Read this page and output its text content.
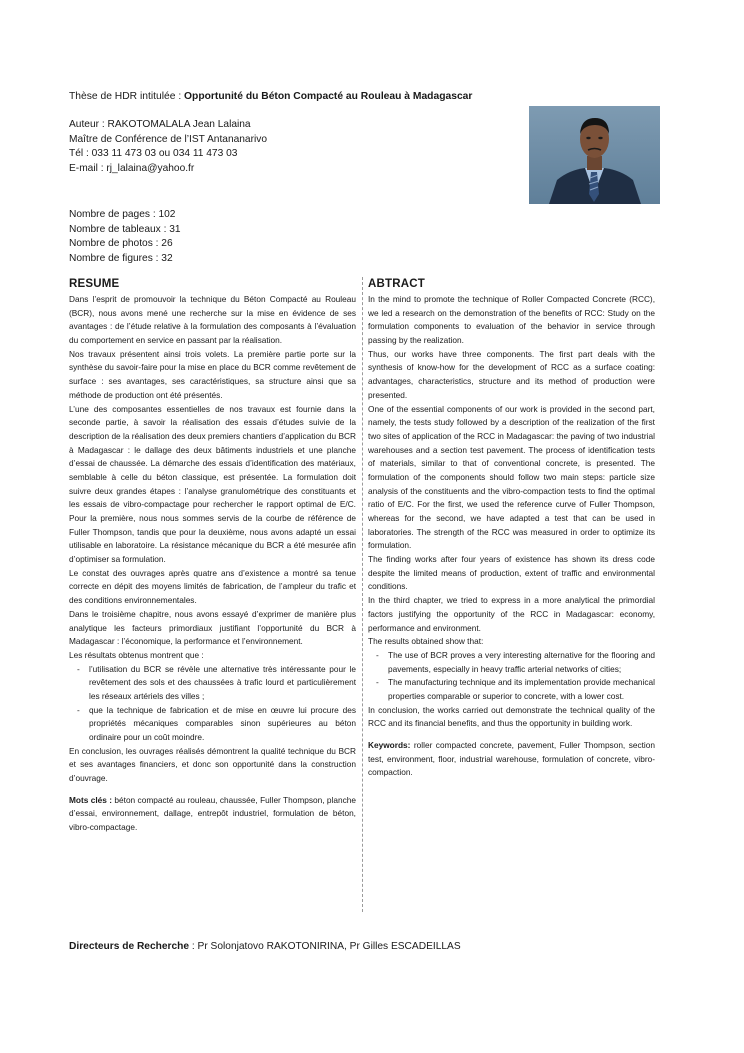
Thèse de HDR intitulée : Opportunité du Béton Compacté au Rouleau à Madagascar
Auteur : RAKOTOMALALA Jean Lalaina
Maître de Conférence de l’IST Antananarivo
Tél : 033 11 473 03 ou 034 11 473 03
E-mail : rj_lalaina@yahoo.fr
Nombre de pages : 102
Nombre de tableaux : 31
Nombre de photos : 26
Nombre de figures : 32
RESUME

Dans l’esprit de promouvoir la technique du Béton Compacté au Rouleau (BCR), nous avons mené une recherche sur la mise en évidence de ses avantages : de l’étude relative à la formulation des composants à l’évaluation du comportement en service en passant par la réalisation.

Nos travaux présentent ainsi trois volets. La première partie porte sur la synthèse du savoir-faire pour la mise en place du BCR comme revêtement de surface : ses avantages, ses caractéristiques, sa structure ainsi que sa méthode de production ont été présentés.

L’une des composantes essentielles de nos travaux est fournie dans la seconde partie, à savoir la réalisation des essais d’études suivie de la description de la réalisation des deux premiers chantiers d’application du BCR à Madagascar : le dallage des deux bâtiments industriels et une planche d’essai de chaussée. La démarche des essais d’identification des matériaux, semblable à celle du béton classique, est présentée. La formulation doit suivre deux grandes étapes : l’analyse granulométrique des constituants et les essais de vibro-compactage pour rechercher le rapport optimal de E/C. Pour la première, nous nous sommes servis de la courbe de référence de Fuller Thompson, tandis que pour la deuxième, nous avons adapté un essai utilisable en laboratoire. La résistance mécanique du BCR a été mesurée afin d’optimiser sa formulation.

Le constat des ouvrages après quatre ans d’existence a montré sa tenue correcte en dépit des moyens limités de fabrication, de l’ampleur du trafic et des conditions environnementales.

Dans le troisième chapitre, nous avons essayé d’exprimer de manière plus analytique les facteurs primordiaux justifiant l’opportunité du BCR à Madagascar : l’économique, la performance et l’environnement.

Les résultats obtenus montrent que :

- l’utilisation du BCR se révèle une alternative très intéressante pour le revêtement des sols et des chaussées à trafic lourd et particulièrement les réseaux artériels des villes ;
- que la technique de fabrication et de mise en œuvre lui procure des propriétés mécaniques comparables sinon supérieures au béton ordinaire pour un coût moindre.

En conclusion, les ouvrages réalisés démontrent la qualité technique du BCR et ses avantages financiers, et donc son opportunité dans la construction d’ouvrage.

Mots clés : béton compacté au rouleau, chaussée, Fuller Thompson, planche d’essai, environnement, dallage, entrepôt industriel, formulation de béton, vibro-compactage.

ABTRACT

In the mind to promote the technique of Roller Compacted Concrete (RCC), we led a research on the demonstration of the benefits of RCC: Study on the formulation components to evaluation of the behavior in service through passing by the realization.

Thus, our works have three components. The first part deals with the synthesis of know-how for the development of RCC as a surface coating: advantages, characteristics, structure and its method of production were presented.

One of the essential components of our work is provided in the second part, namely, the tests study followed by a description of the realization of the first two sites of application of the RCC in Madagascar: the paving of two industrial warehouses and a section test pavement. The process of identification tests of materials, similar to that of conventional concrete, is presented. The formulation of the components should follow two main steps: particle size analysis of the constituents and the vibro-compaction tests to find the optimal ratio of E/C. For the first, we used the reference curve of Fuller Thompson, whereas for the second, we have adapted a test that can be used in laboratories. The strength of the RCC was measured in order to optimize its formulation.

The finding works after four years of existence has shown its dress code despite the limited means of production, extent of traffic and environmental conditions.

In the third chapter, we tried to express in a more analytical the primordial factors justifying the opportunity of the RCC in Madagascar: economy, performance and environment.

The results obtained show that:

- The use of BCR proves a very interesting alternative for the flooring and pavements, especially in heavy traffic arterial networks of cities;
- The manufacturing technique and its implementation provide mechanical properties comparable or superior to concrete, with a lower cost.

In conclusion, the works carried out demonstrate the technical quality of the RCC and its financial benefits, and thus the opportunity in building work.

Keywords: roller compacted concrete, pavement, Fuller Thompson, section test, environment, floor, industrial warehouse, formulation of concrete, vibro-compaction.

Directeurs de Recherche : Pr Solonjatovo RAKOTONIRINA, Pr Gilles ESCADEILLAS
